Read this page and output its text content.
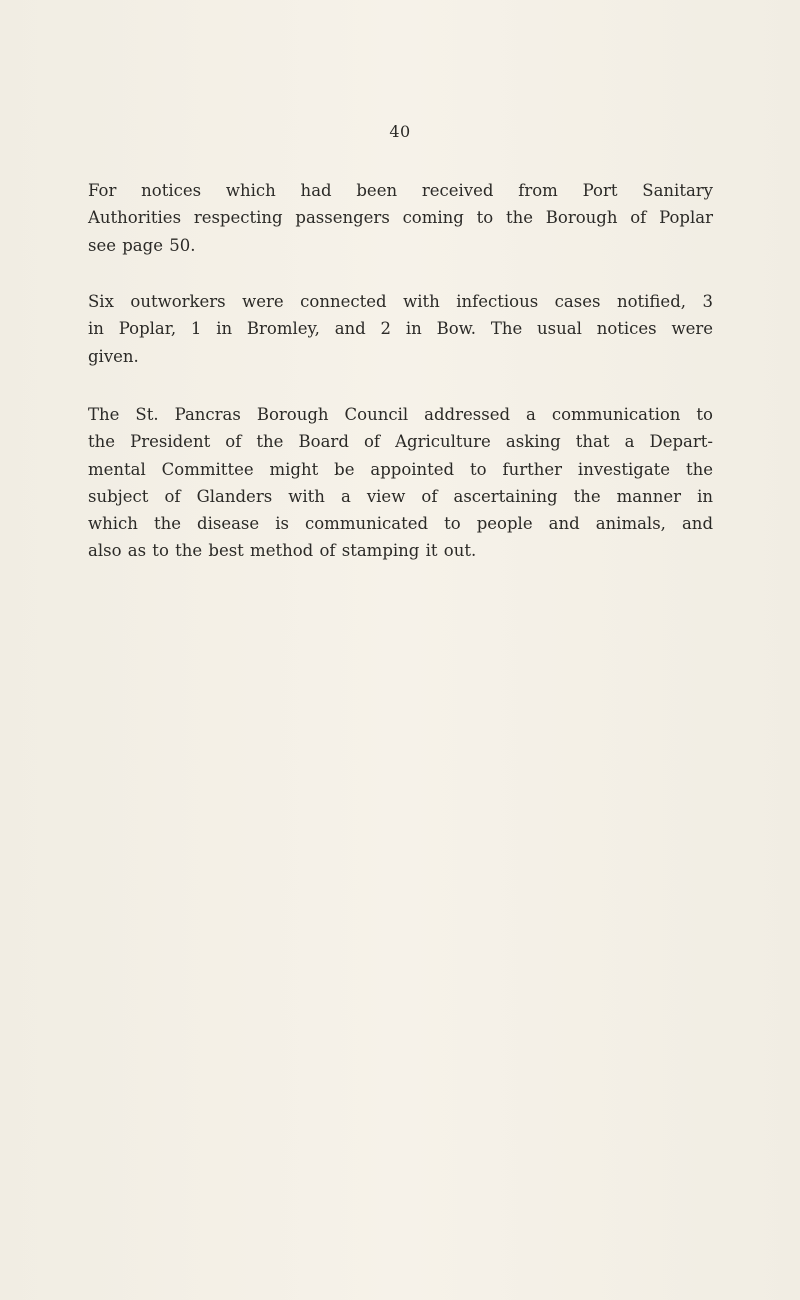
40
For notices which had been received from Port Sanitary
Authorities respecting passengers coming to the Borough of Poplar
see page 50.
Six outworkers were connected with infectious cases notified, 3
in Poplar, 1 in Bromley, and 2 in Bow. The usual notices were
given.
The St. Pancras Borough Council addressed a communication to
the President of the Board of Agriculture asking that a Depart-
mental Committee might be appointed to further investigate the
subject of Glanders with a view of ascertaining the manner in
which the disease is communicated to people and animals, and
also as to the best method of stamping it out.
